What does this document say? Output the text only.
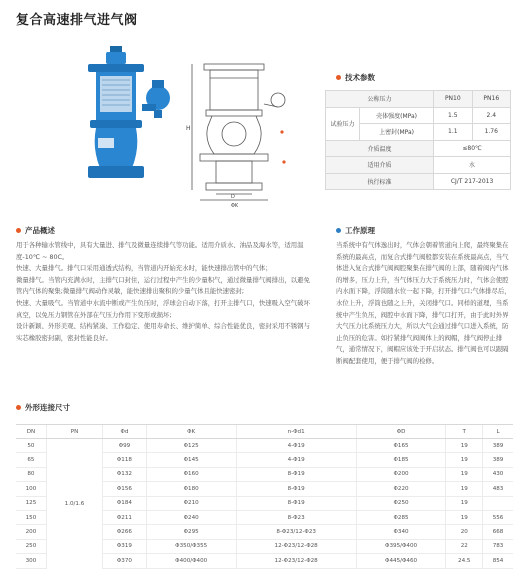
复合高速排气进气阀
H
D
ΦK
技术参数
公称压力		PN10	PN16
试验压力	壳体强度(MPa)	1.5	2.4
	上密封(MPa)	1.1	1.76
介质温度		≤80℃	
适用介质		水	
执行标准		CJ/T 217-2013	
产品概述
用于各种输水管线中，具有大量进、排气及微量连续排气等功能。适用介质水、油品及海水等，适用温度-10℃ ~ 80C。
快速、大量排气。排气口采用通透式结构，当管道内开始充水时，能快速排出管中的气体；
微量排气。当管内充满水时，主排气口封住，运行过程中产生的少量积气，通过微量排气阀排出，以避免管内气体的聚集;微量排气阀动作灵敏，能快速排出聚积的少量气体且能快速密封;
快速、大量吸气。当管道中水流中断或产生负压时，浮球会自动下落，打开主排气口，快速吸入空气破坏真空，以免压力钢管在外部在气压力作用下变形或损坏;
设计新颖、外形美观、结构紧凑、工作稳定、使用寿命长、维护简单、综合性能优良，密封采用不锈钢与实芯橡胶密封副，密封性能良好。
工作原理
当系统中有气体逸出时，气体会朝着管道向上爬，最终聚集在系统的最高点，而复合式排气阀般都安装在系统最高点，当气体进入复合式排气阀阀腔聚集在排气阀的上部，随着阀内气体的增多，压力上升，当气体压力大于系统压力时，气体会使腔内水面下降，浮筒随水位一起下降，打开排气口;气体排尽后，水位上升，浮筒也随之上升，关闭排气口。同样的道理，当系统中产生负压，阀腔中水面下降，排气口打开，由于此时外界大气压力比系统压力大，所以大气会通过排气口进入系统，防止负压的危害。如拧紧排气阀阀体上的阀帽，排气阀停止排气，通常情况下，阀帽应该处于开启状态。排气阀也可以跟隔断阀配套使用，便于排气阀的检修。
外形连接尺寸
DN	PN	Φd	ΦK	n-Φd1	ΦD	T	L
50	1.0/1.6	Φ99	Φ125	4-Φ19	Φ165	19	389
65		Φ118	Φ145	4-Φ19	Φ185	19	389
80		Φ132	Φ160	8-Φ19	Φ200	19	430
100		Φ156	Φ180	8-Φ19	Φ220	19	483
125		Φ184	Φ210	8-Φ19	Φ250	19	
150		Φ211	Φ240	8-Φ23	Φ285	19	556
200		Φ266	Φ295	8-Φ23/12-Φ23	Φ340	20	668
250		Φ319	Φ350/Φ355	12-Φ23/12-Φ28	Φ395/Φ400	22	783
300		Φ370	Φ400/Φ400	12-Φ23/12-Φ28	Φ445/Φ460	24.5	854
